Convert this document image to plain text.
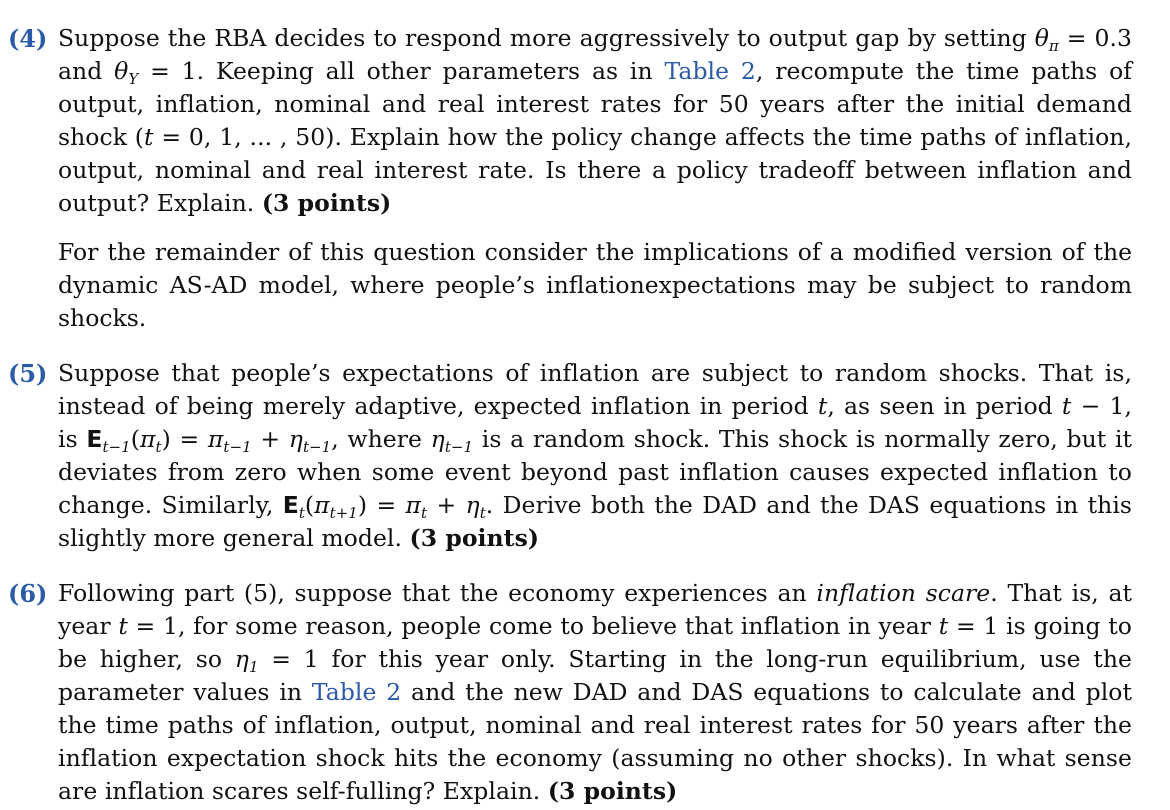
(4) Suppose the RBA decides to respond more aggressively to output gap by setting $\theta_\pi = 0.3$ and $\theta_Y = 1$. Keeping all other parameters as in Table 2, recompute the time paths of output, inflation, nominal and real interest rates for 50 years after the initial demand shock (t = 0, 1, ... , 50). Explain how the policy change affects the time paths of inflation, output, nominal and real interest rate. Is there a policy tradeoff between inflation and output? Explain. (3 points)
For the remainder of this question consider the implications of a modified version of the dynamic AS-AD model, where people’s inflationexpectations may be subject to random shocks.
(5) Suppose that people’s expectations of inflation are subject to random shocks. That is, instead of being merely adaptive, expected inflation in period t, as seen in period t − 1, is $E_{t-1}(\pi_t) = \pi_{t-1} + \eta_{t-1}$, where $\eta_{t-1}$ is a random shock. This shock is normally zero, but it deviates from zero when some event beyond past inflation causes expected inflation to change. Similarly, $E_t(\pi_{t+1}) = \pi_t + \eta_t$. Derive both the DAD and the DAS equations in this slightly more general model. (3 points)
(6) Following part (5), suppose that the economy experiences an inflation scare. That is, at year t = 1, for some reason, people come to believe that inflation in year t = 1 is going to be higher, so $\eta_1 = 1$ for this year only. Starting in the long-run equilibrium, use the parameter values in Table 2 and the new DAD and DAS equations to calculate and plot the time paths of inflation, output, nominal and real interest rates for 50 years after the inflation expectation shock hits the economy (assuming no other shocks). In what sense are inflation scares self-fulling? Explain. (3 points)
